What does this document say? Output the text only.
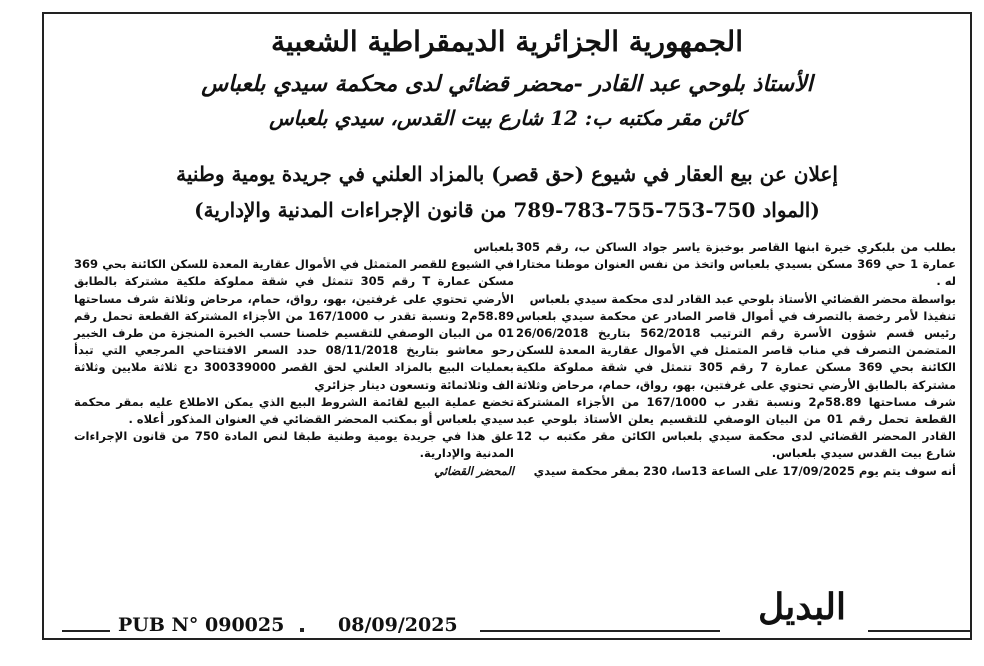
الجمهورية الجزائرية الديمقراطية الشعبية
الأستاذ بلوحي عبد القادر -محضر قضائي لدى محكمة سيدي بلعباس
كائن مقر مكتبه ب: 12 شارع بيت القدس، سيدي بلعباس
إعلان عن بيع العقار في شيوع (حق قصر) بالمزاد العلني في جريدة يومية وطنية
(المواد 750-753-755-783-789 من قانون الإجراءات المدنية والإدارية)

بطلب من بلبكري خيرة ابنها القاصر بوخبزة ياسر جواد الساكن ب، رقم 305 عمارة 1 حي 369 مسكن بسيدي بلعباس واتخذ من نفس العنوان موطنا مختارا له .

بواسطة محضر القضائي الأستاذ بلوحي عبد القادر لدى محكمة سيدي بلعباس

تنفيذا لأمر رخصة بالتصرف في أموال قاصر الصادر عن محكمة سيدي بلعباس رئيس قسم شؤون الأسرة رقم الترتيب 562/2018 بتاريخ 26/06/2018 المتضمن التصرف في مناب قاصر المتمثل في الأموال عقارية المعدة للسكن الكائنة بحي 369 مسكن عمارة 7 رقم 305 تتمثل في شقة مملوكة ملكية مشتركة بالطابق الأرضي تحتوي على غرفتين، بهو، رواق، حمام، مرحاض وثلاثة شرف مساحتها 58.89م2 ونسبة تقدر ب 167/1000 من الأجزاء المشتركة القطعة تحمل رقم 01 من البيان الوصفي للتقسيم يعلن الأستاذ بلوحي عبد القادر المحضر القضائي لدى محكمة سيدي بلعباس الكائن مقر مكتبه ب 12 شارع بيت القدس سيدي بلعباس.

أنه سوف يتم يوم 17/09/2025 على الساعة 13سا، 230 بمقر محكمة سيدي

بلعباس

في الشيوع للقصر المتمثل في الأموال عقارية المعدة للسكن الكائنة بحي 369 مسكن عمارة T رقم 305 تتمثل في شقة مملوكة ملكية مشتركة بالطابق الأرضي تحتوي على غرفتين، بهو، رواق، حمام، مرحاض وثلاثة شرف مساحتها 58.89م2 ونسبة تقدر ب 167/1000 من الأجزاء المشتركة القطعة تحمل رقم 01 من البيان الوصفي للتقسيم خلصنا حسب الخبرة المنجزة من طرف الخبير رحو معاشو بتاريخ 08/11/2018 حدد السعر الافتتاحي المرجعي التي تبدأ بعمليات البيع بالمزاد العلني لحق القصر 300339000 دج ثلاثة ملايين وثلاثة الف وثلاثمائة وتسعون دينار جزائري

تخضع عملية البيع لقائمة الشروط البيع الذي يمكن الاطلاع عليه بمقر محكمة سيدي بلعباس أو بمكتب المحضر القضائي في العنوان المذكور أعلاه .

علق هذا في جريدة يومية وطنية طبقا لنص المادة 750 من قانون الإجراءات المدنية والإدارية.

المحضر القضائي

PUB N° 090025	08/09/2025	البديل
